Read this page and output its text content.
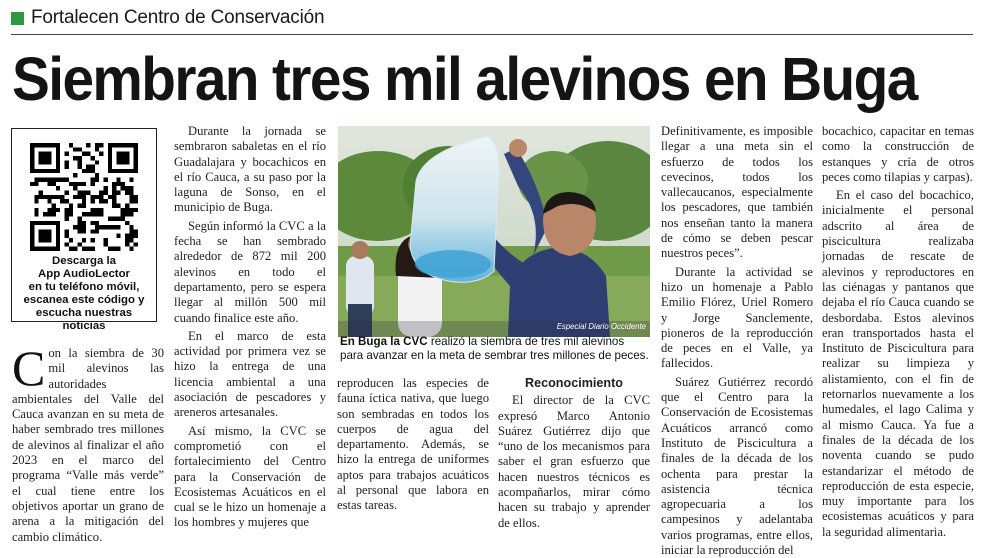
Fortalecen Centro de Conservación
Siembran tres mil alevinos en Buga
Descarga la
App AudioLector
en tu teléfono móvil,
escanea este código y
escucha nuestras noticias

Con la siembra de 30 mil alevinos las autoridades ambientales del Valle del Cauca avanzan en su meta de haber sembrado tres millones de alevinos al finalizar el año 2023 en el marco del programa “Valle más verde” el cual tiene entre los objetivos aportar un grano de arena a la mitigación del cambio climático.

Durante la jornada se sembraron sabaletas en el río Guadalajara y bocachicos en el río Cauca, a su paso por la laguna de Sonso, en el municipio de Buga.

Según informó la CVC a la fecha se han sembrado alrededor de 872 mil 200 alevinos en todo el departamento, pero se espera llegar al millón 500 mil cuando finalice este año.

En el marco de esta actividad por primera vez se hizo la entrega de una licencia ambiental a una asociación de pescadores y areneros artesanales.

Así mismo, la CVC se comprometió con el fortalecimiento del Centro para la Conservación de Ecosistemas Acuáticos en el cual se le hizo un homenaje a los hombres y mujeres que

Especial Diario Occidente
En Buga la CVC realizó la siembra de tres mil alevinos para avanzar en la meta de sembrar tres millones de peces.

reproducen las especies de fauna íctica nativa, que luego son sembradas en todos los cuerpos de agua del departamento. Además, se hizo la entrega de uniformes aptos para trabajos acuáticos al personal que labora en estas tareas.

Reconocimiento

El director de la CVC expresó Marco Antonio Suárez Gutiérrez dijo que “uno de los mecanismos para saber el gran esfuerzo que hacen nuestros técnicos es acompañarlos, mirar cómo hacen su trabajo y aprender de ellos.

Definitivamente, es imposible llegar a una meta sin el esfuerzo de todos los cevecinos, todos los vallecaucanos, especialmente los pescadores, que también nos enseñan tanto la manera de cómo se deben pescar nuestros peces”.

Durante la actividad se hizo un homenaje a Pablo Emilio Flórez, Uriel Romero y Jorge Sanclemente, pioneros de la reproducción de peces en el Valle, ya fallecidos.

Suárez Gutiérrez recordó que el Centro para la Conservación de Ecosistemas Acuáticos arrancó como Instituto de Piscicultura a finales de la década de los ochenta para prestar la asistencia técnica agropecuaria a los campesinos y adelantaba varios programas, entre ellos, iniciar la reproducción del

bocachico, capacitar en temas como la construcción de estanques y cría de otros peces como tilapias y carpas).

En el caso del bocachico, inicialmente el personal adscrito al área de piscicultura realizaba jornadas de rescate de alevinos y reproductores en las ciénagas y pantanos que dejaba el río Cauca cuando se desbordaba. Estos alevinos eran transportados hasta el Instituto de Piscicultura para realizar su limpieza y alistamiento, con el fin de retornarlos nuevamente a los humedales, el lago Calima y al mismo Cauca. Ya fue a finales de la década de los noventa cuando se pudo estandarizar el método de reproducción de esta especie, muy importante para los ecosistemas acuáticos y para la seguridad alimentaria.
